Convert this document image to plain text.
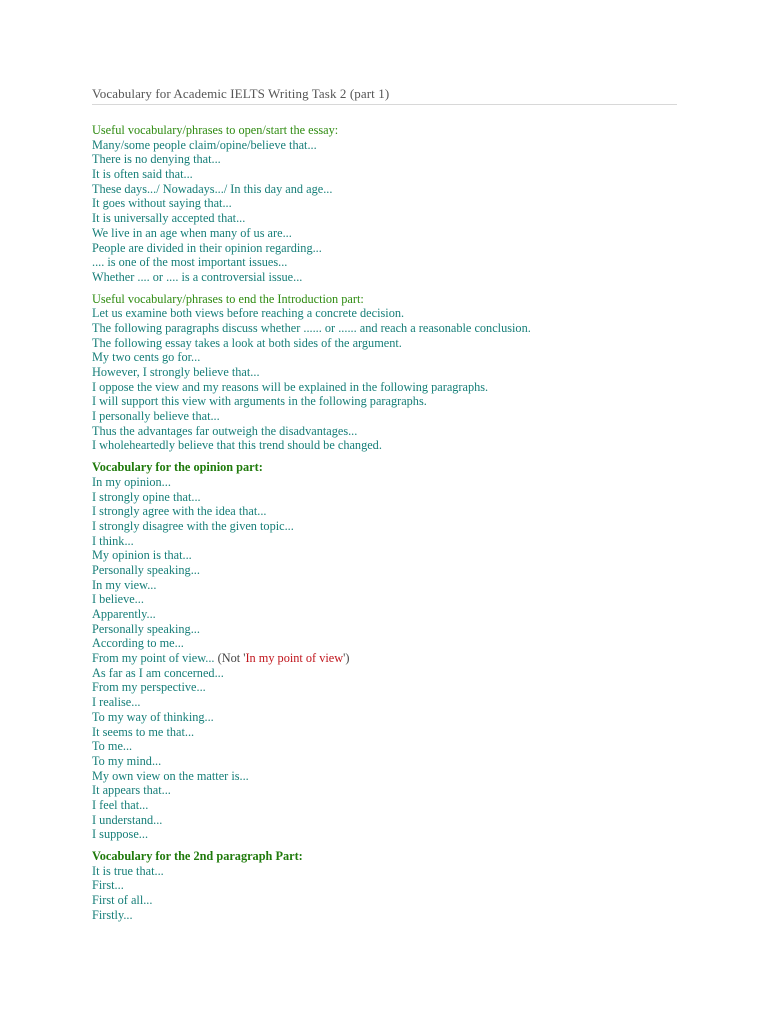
Vocabulary for Academic IELTS Writing Task 2 (part 1)
Useful vocabulary/phrases to open/start the essay:
Many/some people claim/opine/believe that...
There is no denying that...
It is often said that...
These days.../ Nowadays.../ In this day and age...
It goes without saying that...
It is universally accepted that...
We live in an age when many of us are...
People are divided in their opinion regarding...
.... is one of the most important issues...
Whether .... or .... is a controversial issue...
Useful vocabulary/phrases to end the Introduction part:
Let us examine both views before reaching a concrete decision.
The following paragraphs discuss whether ...... or ...... and reach a reasonable conclusion.
The following essay takes a look at both sides of the argument.
My two cents go for...
However, I strongly believe that...
I oppose the view and my reasons will be explained in the following paragraphs.
I will support this view with arguments in the following paragraphs.
I personally believe that...
Thus the advantages far outweigh the disadvantages...
I wholeheartedly believe that this trend should be changed.
Vocabulary for the opinion part:
In my opinion...
I strongly opine that...
I strongly agree with the idea that...
I strongly disagree with the given topic...
I think...
My opinion is that...
Personally speaking...
In my view...
I believe...
Apparently...
Personally speaking...
According to me...
From my point of view... (Not 'In my point of view')
As far as I am concerned...
From my perspective...
I realise...
To my way of thinking...
It seems to me that...
To me...
To my mind...
My own view on the matter is...
It appears that...
I feel that...
I understand...
I suppose...
Vocabulary for the 2nd paragraph Part:
It is true that...
First...
First of all...
Firstly...
